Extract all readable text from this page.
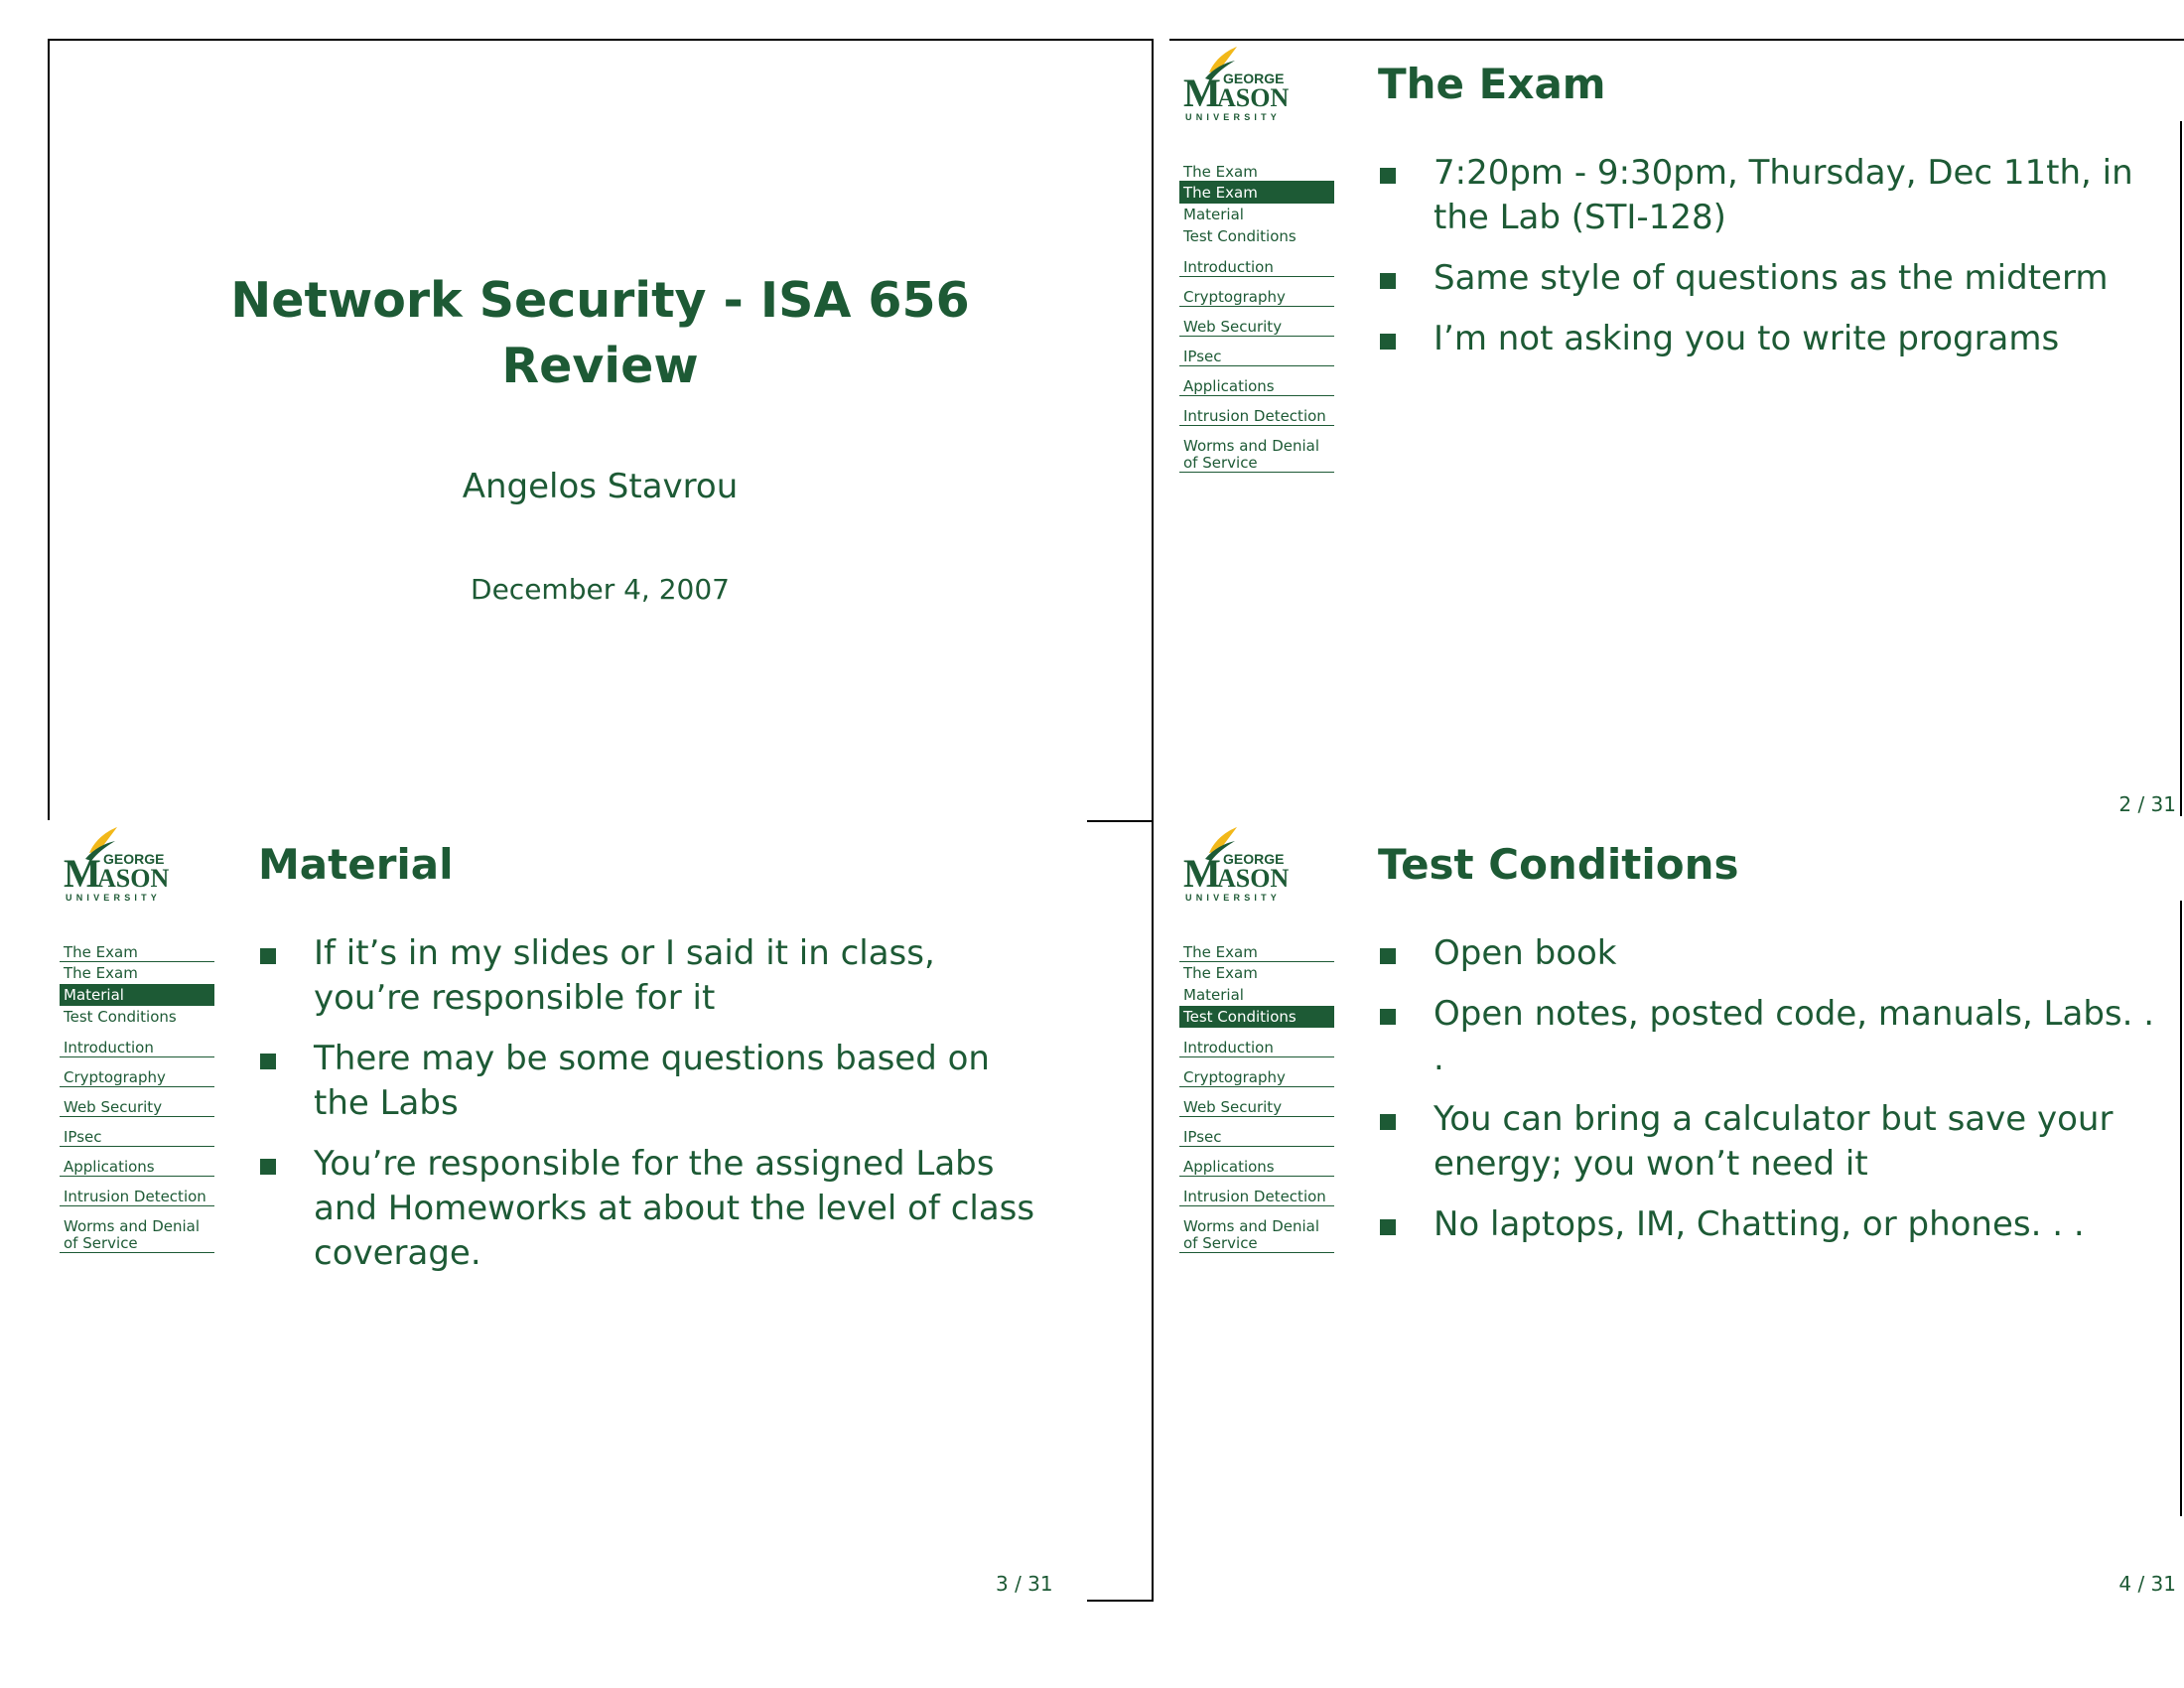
Network Security - ISA 656
Review
Angelos Stavrou
December 4, 2007
M GEORGE
ASON
UNIVERSITY
The Exam
The Exam
The Exam
Material
Test Conditions
Introduction
Cryptography
Web Security
IPsec
Applications
Intrusion Detection
Worms and Denial
of Service
7:20pm - 9:30pm, Thursday, Dec 11th, in the Lab (STI-128)
Same style of questions as the midterm
I’m not asking you to write programs
2 / 31
M GEORGE
ASON
UNIVERSITY
Material
The Exam
The Exam
Material
Test Conditions
Introduction
Cryptography
Web Security
IPsec
Applications
Intrusion Detection
Worms and Denial
of Service
If it’s in my slides or I said it in class, you’re responsible for it
There may be some questions based on the Labs
You’re responsible for the assigned Labs and Homeworks at about the level of class coverage.
3 / 31
M GEORGE
ASON
UNIVERSITY
Test Conditions
The Exam
The Exam
Material
Test Conditions
Introduction
Cryptography
Web Security
IPsec
Applications
Intrusion Detection
Worms and Denial
of Service
Open book
Open notes, posted code, manuals, Labs. . .
You can bring a calculator but save your energy; you won’t need it
No laptops, IM, Chatting, or phones. . .
4 / 31
